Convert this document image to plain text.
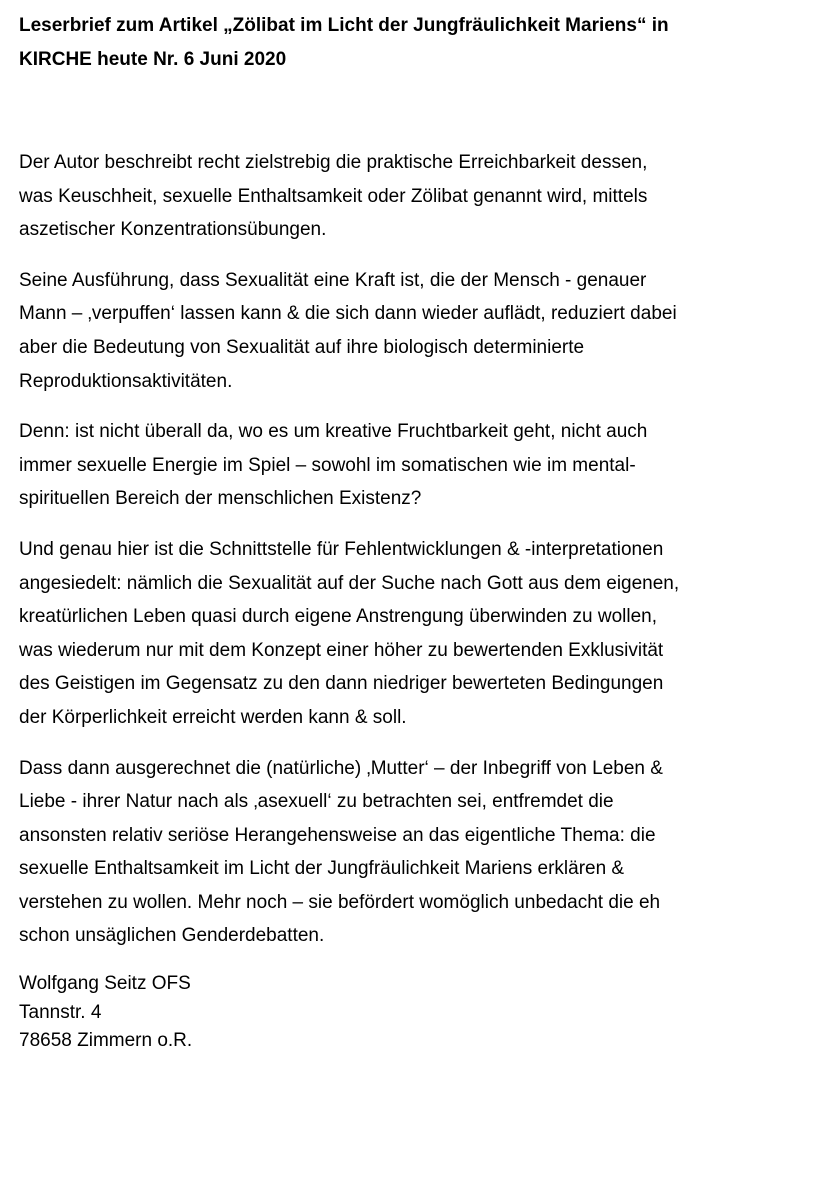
Leserbrief zum Artikel „Zölibat im Licht der Jungfräulichkeit Mariens“ in
KIRCHE heute Nr. 6 Juni 2020

Der Autor beschreibt recht zielstrebig die praktische Erreichbarkeit dessen,
was Keuschheit, sexuelle Enthaltsamkeit oder Zölibat genannt wird, mittels
aszetischer Konzentrationsübungen.

Seine Ausführung, dass Sexualität eine Kraft ist, die der Mensch - genauer
Mann – ‚verpuffen‘ lassen kann & die sich dann wieder auflädt, reduziert dabei
aber die Bedeutung von Sexualität auf ihre biologisch determinierte
Reproduktionsaktivitäten.

Denn: ist nicht überall da, wo es um kreative Fruchtbarkeit geht, nicht auch
immer sexuelle Energie im Spiel – sowohl im somatischen wie im mental-
spirituellen Bereich der menschlichen Existenz?

Und genau hier ist die Schnittstelle für Fehlentwicklungen & -interpretationen
angesiedelt: nämlich die Sexualität auf der Suche nach Gott aus dem eigenen,
kreatürlichen Leben quasi durch eigene Anstrengung überwinden zu wollen,
was wiederum nur mit dem Konzept einer höher zu bewertenden Exklusivität
des Geistigen im Gegensatz zu den dann niedriger bewerteten Bedingungen
der Körperlichkeit erreicht werden kann & soll.

Dass dann ausgerechnet die (natürliche) ‚Mutter‘ – der Inbegriff von Leben &
Liebe - ihrer Natur nach als ‚asexuell‘ zu betrachten sei, entfremdet die
ansonsten relativ seriöse Herangehensweise an das eigentliche Thema: die
sexuelle Enthaltsamkeit im Licht der Jungfräulichkeit Mariens erklären &
verstehen zu wollen. Mehr noch – sie befördert womöglich unbedacht die eh
schon unsäglichen Genderdebatten.

Wolfgang Seitz OFS
Tannstr. 4
78658 Zimmern o.R.
